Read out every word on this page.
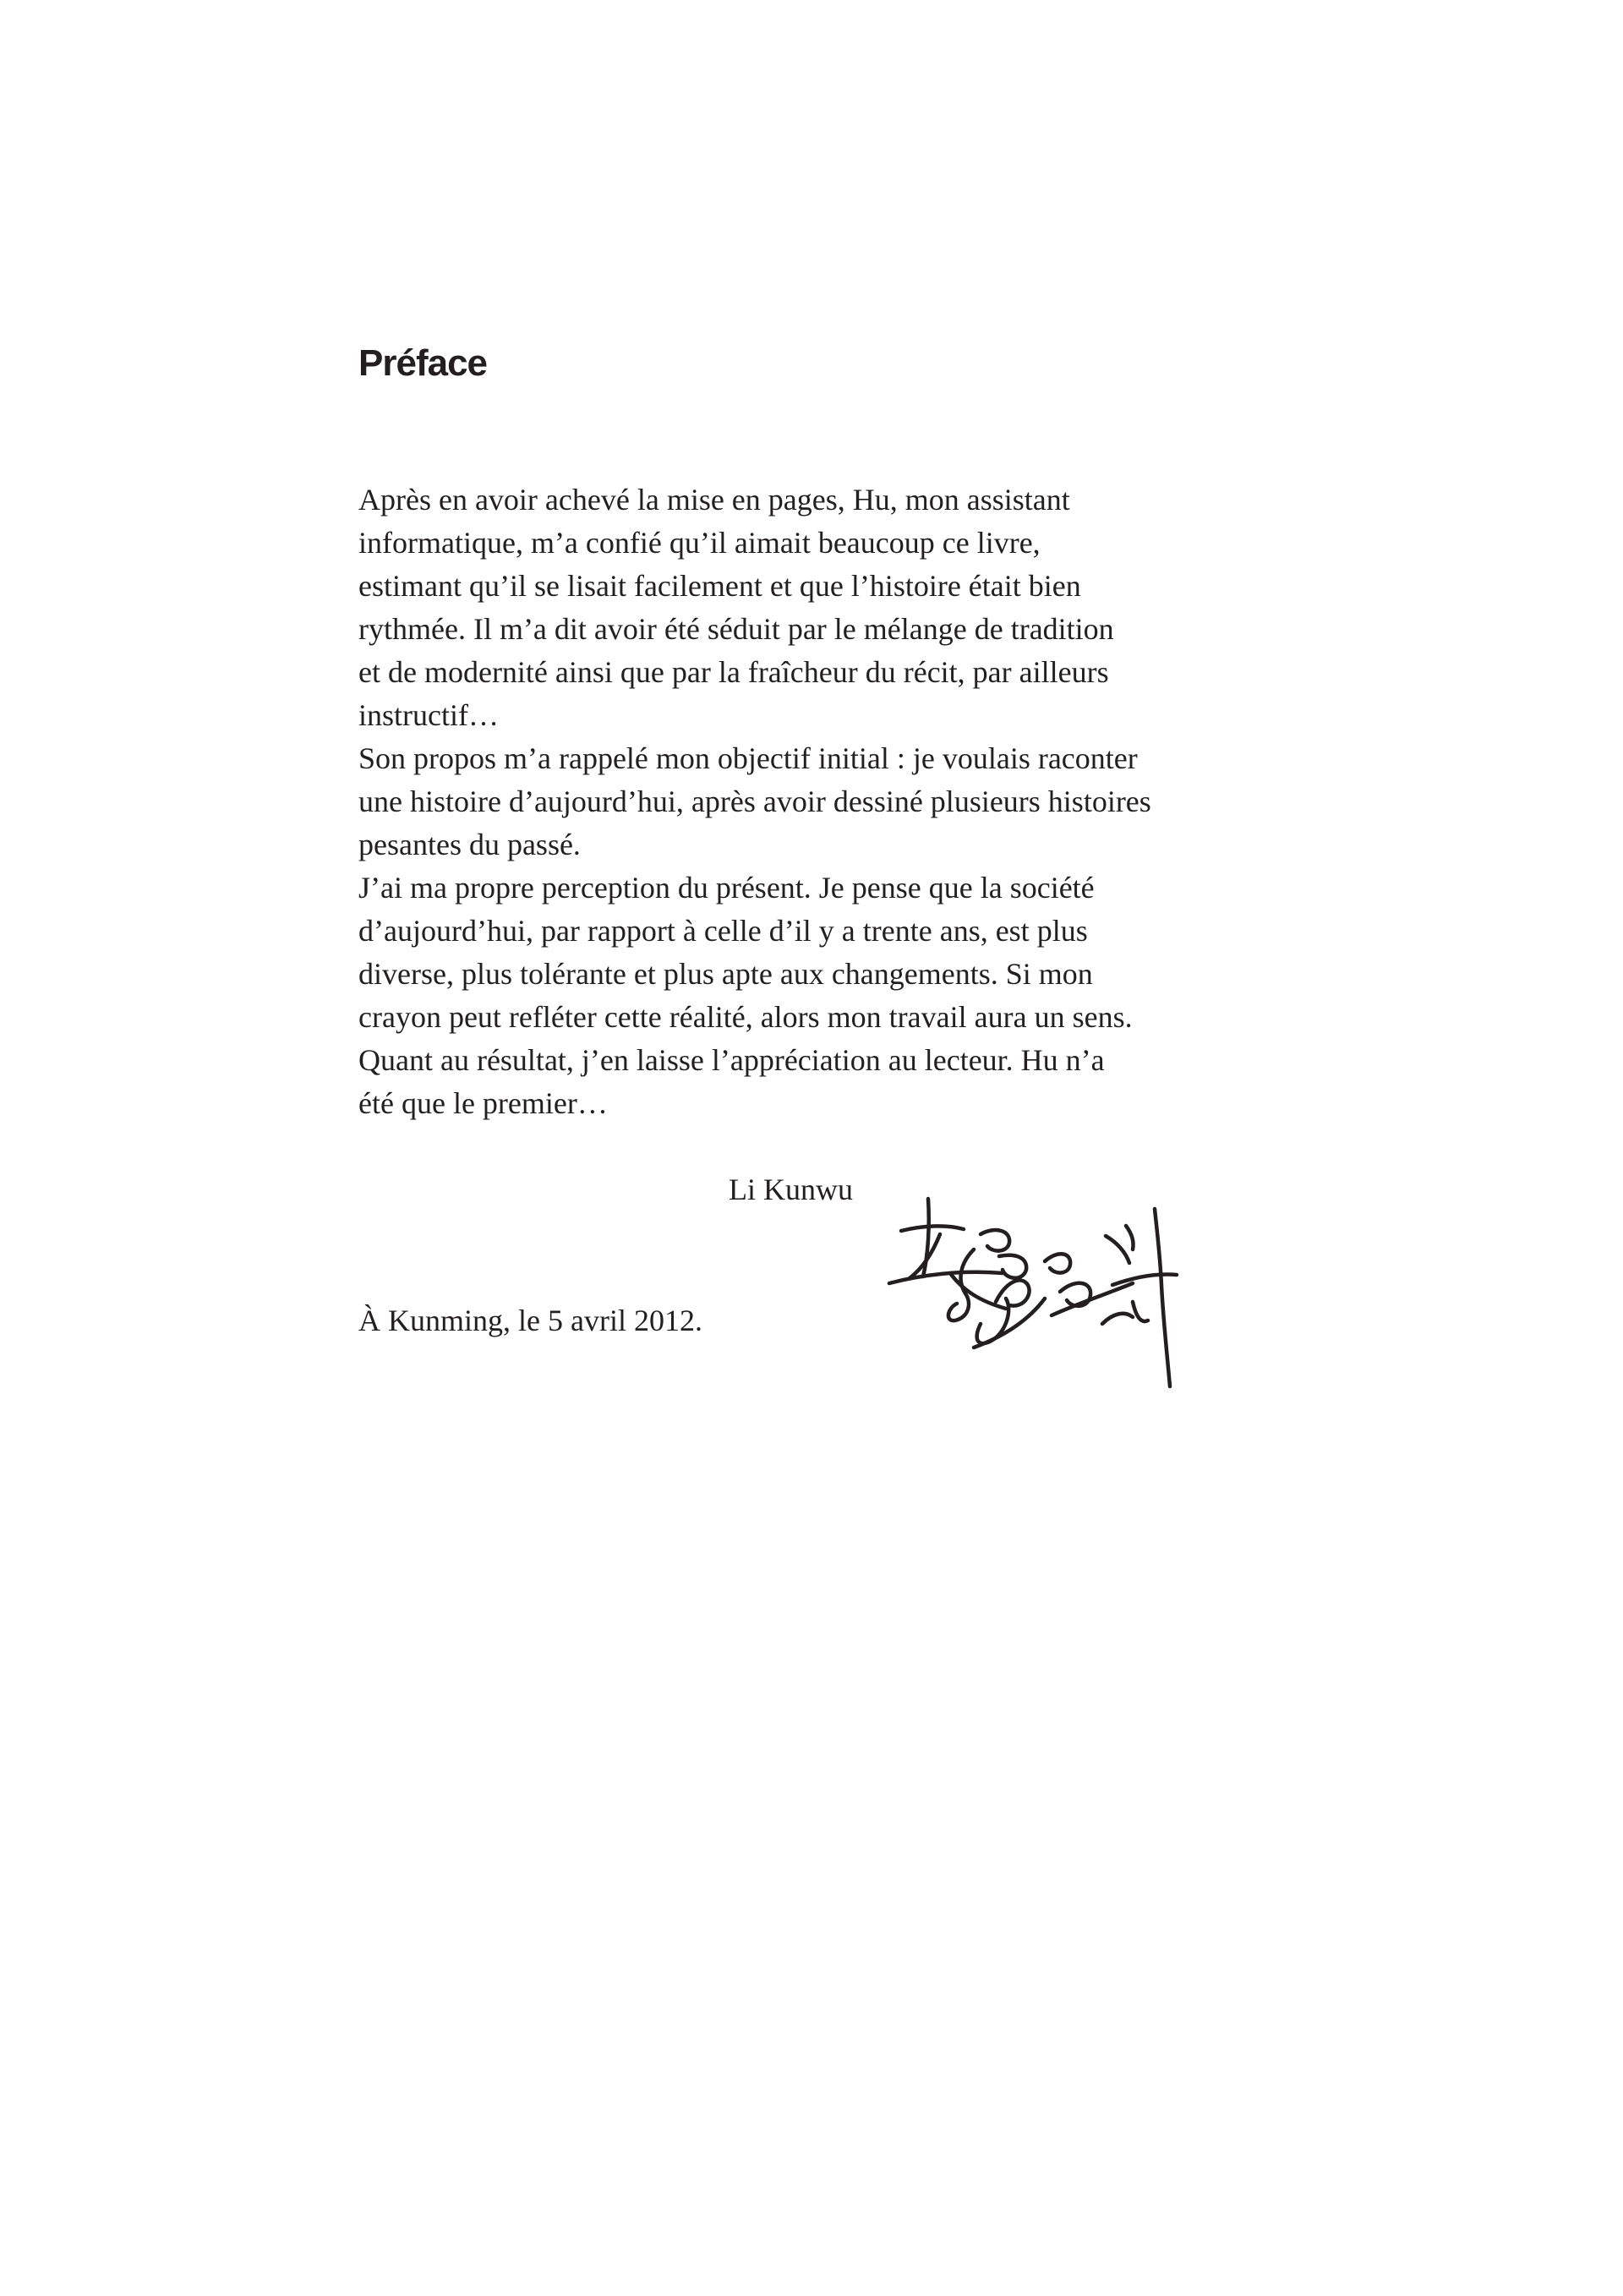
Préface
Après en avoir achevé la mise en pages, Hu, mon assistant
informatique, m’a confié qu’il aimait beaucoup ce livre,
estimant qu’il se lisait facilement et que l’histoire était bien
rythmée. Il m’a dit avoir été séduit par le mélange de tradition
et de modernité ainsi que par la fraîcheur du récit, par ailleurs
instructif…
Son propos m’a rappelé mon objectif initial : je voulais raconter
une histoire d’aujourd’hui, après avoir dessiné plusieurs histoires
pesantes du passé.
J’ai ma propre perception du présent. Je pense que la société
d’aujourd’hui, par rapport à celle d’il y a trente ans, est plus
diverse, plus tolérante et plus apte aux changements. Si mon
crayon peut refléter cette réalité, alors mon travail aura un sens.
Quant au résultat, j’en laisse l’appréciation au lecteur. Hu n’a
été que le premier…
Li Kunwu
À Kunming, le 5 avril 2012.
